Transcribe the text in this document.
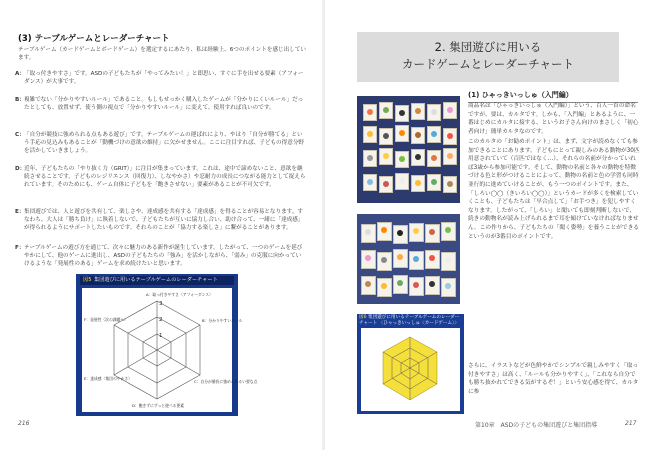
(3) テーブルゲームとレーダーチャート
テーブルゲーム（カードゲームとボードゲーム）を選定するにあたり、私は経験上、6つのポイントを感じ出しています。
A： 「取っ付きやすさ」です。ASDの子どもたちが「やってみたい！」と即思い、すぐに手を出せる要素（アフォーダンス）が大事です。
B： 複雑でない「分かりやすいルール」であること。もしもせっかく購入したゲームが「分かりにくいルール」だったとしても、放置せず、使う側の視点で「分かりやすいルール」に変えて、使用すれば良いのです。
C： 「自分が競技に強められる点もある遊び」です。テーブルゲームの運ばれにより、やはり「自分が勝てる」という手応の見込みもあることが「動機づけの意欲の維持」に欠かせません。ここに注目すれば、子どもの得意分野を活かしていきましょう。
D：
近年、子どもたちの「やり抜く力（GRIT）」に注目が集まっています。これは、途中で諦めないこと、意欲を継続させることです。子どものレジリエンス（回復力）、しなやかさ）や忍耐力の成長につながる能力として捉えられています。そのためにも、ゲーム自体に子どもを「飽きさせない」要素があることが不可欠です。
E： 集団遊びでは、人と遊びを共有して、楽しさや、達成感を共有する「達成感」を得ることが容易となります。すなわち、大人は「勝ち負け」に執着しないで、子どもたちが互いに協力し合い、助け合って、一緒に「達成感」が得られるようにサポートしたいものです。それらのことが「協力する楽しさ」に繋がることがあります。
F： テーブルゲームの遊び方を通じて、次々に魅力のある新作が誕生しています。したがって、一つのゲームを延びやかにして、他のゲームに進出し、ASDの子どもたちの「強み」を活かしながら、「弱み」の克服に向かっていけるような「発展性のある」ゲームを求め続けたいと思います。
図5 集団遊びに用いるテーブルゲームのレーダーチャート
3
2
1
A：取っ付きやすさ〈アフォーダンス〉
B：分かりやすいルール
C：自分が勝負に強められるい要な点
D：飽きずにずっと遊べる要素
E：達成感〈集団のやかさ〉
F：発展性〈次の課題へ〉
216
2. 集団遊びに用いる
カードゲームとレーダーチャート
図6 集団遊びに用いるテーブルゲームのレーダーチャート 〈ひゃっきいっしゅ〈カードゲーム〉〉
(1) ひゃっきいっしゅ（入門編）
商品名は「ひゃっきいっしゅ（入門編）」という、百人一首の命名ですが、要は、カルタです。しかも、「入門編」とあるように、一番はじめにカルタに接する、というお子さん向けのまさしく「初心者向け」簡単カルタなのです。
このカルタの「お勧めポイント」は、まず、文字が読めなくても参加できることにあります。子どもにとって親しみのある動物が30匹用意されていて（百匹ではなく…）、それらの名前が分かっていれば3歳から参加可能です。そして、動物の名前と各々の動物を特徴づける色と形がつけることによって、動物の名前と色の学習も同時並行的に進めていけることが、もう一つのポイントです。また、「しろい◯◯（きいろい◯◯）」というカードが多くを検索していくことも、子どもたちは「早合点して」「お手つき」を犯しやすくなります。したがって、「しろい」と聞いても即刻判断しないで、続きの動物名が読み上げられるまで耳を傾けていなければなりません。この作りから、子どもたちの「聞く姿勢」を養うことができるというのが3番目のポイントです。
さらに、イラストなどが色鮮やかでシンプルで親しみやすく「取っ付きやすさ」は高く、「ルールも分かりやすく」、「これなら自分でも勝ち抜かれてできる気がするぞ！」という安心感を得て、カルタに参
第10章　ASDの子どもの集団遊びと集団指導	217
